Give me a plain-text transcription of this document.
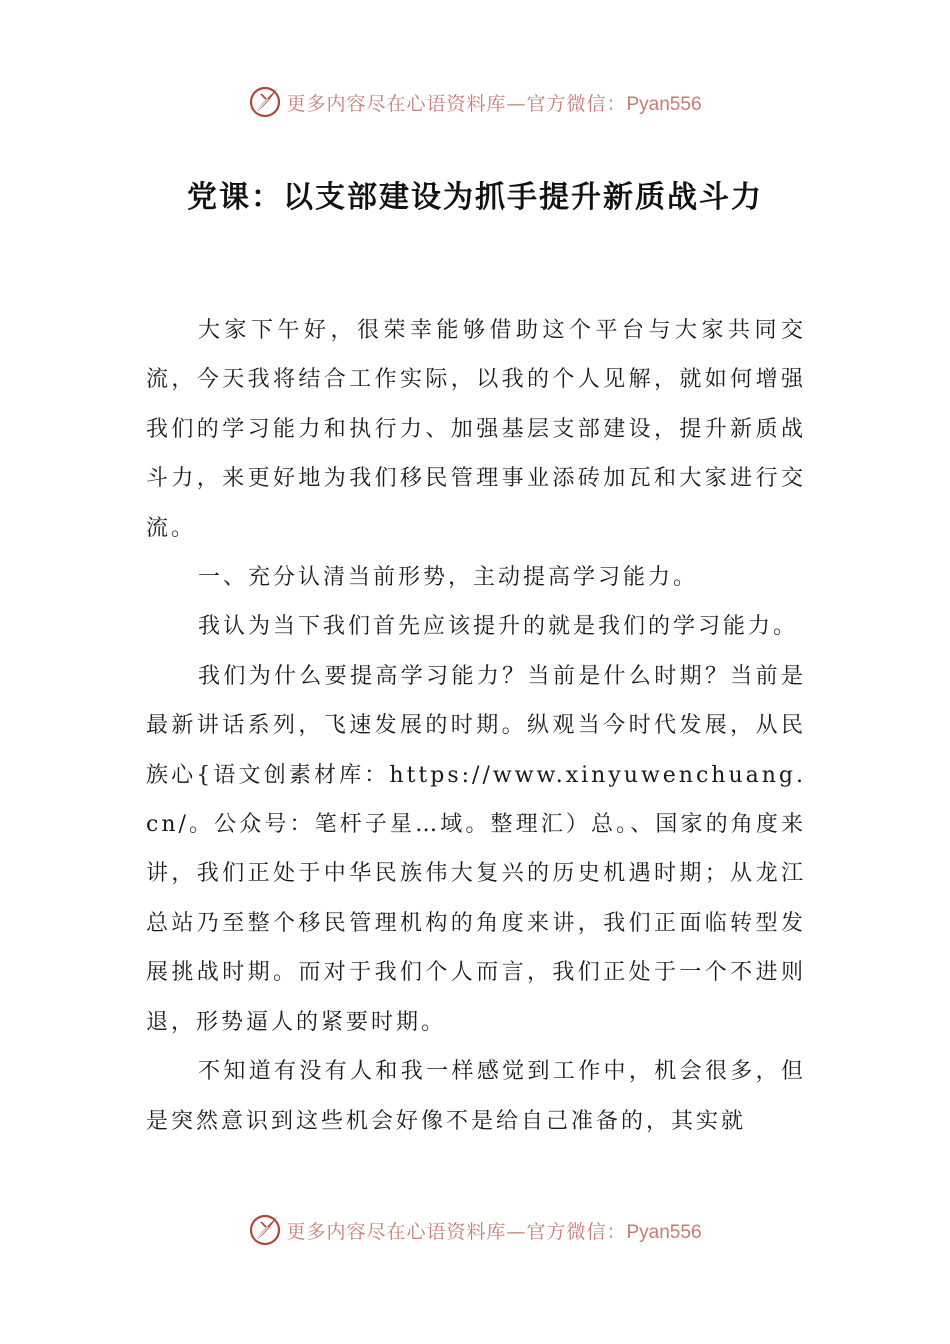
更多内容尽在心语资料库—官方微信：Pyan556
党课：以支部建设为抓手提升新质战斗力

大家下午好，很荣幸能够借助这个平台与大家共同交流，今天我将结合工作实际，以我的个人见解，就如何增强我们的学习能力和执行力、加强基层支部建设，提升新质战斗力，来更好地为我们移民管理事业添砖加瓦和大家进行交流。

一、充分认清当前形势，主动提高学习能力。

我认为当下我们首先应该提升的就是我们的学习能力。

我们为什么要提高学习能力？当前是什么时期？当前是最新讲话系列，飞速发展的时期。纵观当今时代发展，从民族心{语文创素材库：https://www.xinyuwenchuang.cn/。公众号：笔杆子星…域。整理汇）总。、国家的角度来讲，我们正处于中华民族伟大复兴的历史机遇时期；从龙江总站乃至整个移民管理机构的角度来讲，我们正面临转型发展挑战时期。而对于我们个人而言，我们正处于一个不进则退，形势逼人的紧要时期。

不知道有没有人和我一样感觉到工作中，机会很多，但是突然意识到这些机会好像不是给自己准备的，其实就

更多内容尽在心语资料库—官方微信：Pyan556
